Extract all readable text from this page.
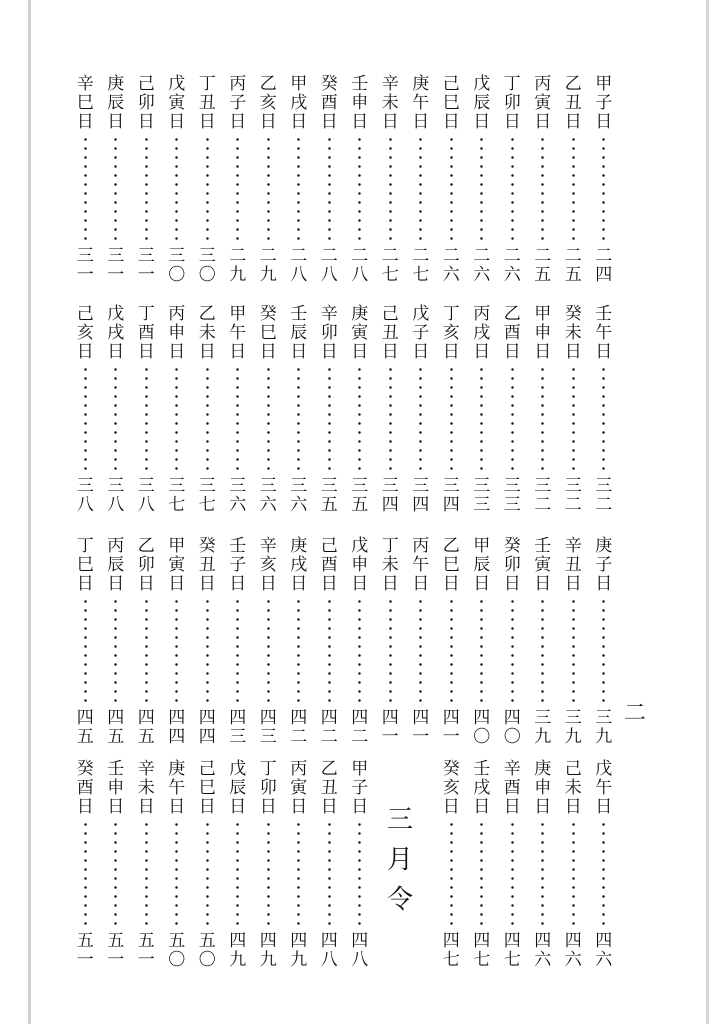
甲
子
日
二
四
乙
丑
日
二
五
丙
寅
日
二
五
丁
卯
日
二
六
戊
辰
日
二
六
己
巳
日
二
六
庚
午
日
二
七
辛
未
日
二
七
壬
申
日
二
八
癸
酉
日
二
八
甲
戌
日
二
八
乙
亥
日
二
九
丙
子
日
二
九
丁
丑
日
三
〇
戊
寅
日
三
〇
己
卯
日
三
一
庚
辰
日
三
一
辛
巳
日
三
一
壬
午
日
三
二
癸
未
日
三
二
甲
申
日
三
二
乙
酉
日
三
三
丙
戌
日
三
三
丁
亥
日
三
四
戊
子
日
三
四
己
丑
日
三
四
庚
寅
日
三
五
辛
卯
日
三
五
壬
辰
日
三
六
癸
巳
日
三
六
甲
午
日
三
六
乙
未
日
三
七
丙
申
日
三
七
丁
酉
日
三
八
戊
戌
日
三
八
己
亥
日
三
八
庚
子
日
三
九
辛
丑
日
三
九
壬
寅
日
三
九
癸
卯
日
四
〇
甲
辰
日
四
〇
乙
巳
日
四
一
丙
午
日
四
一
丁
未
日
四
一
戊
申
日
四
二
己
酉
日
四
二
庚
戌
日
四
二
辛
亥
日
四
三
壬
子
日
四
三
癸
丑
日
四
四
甲
寅
日
四
四
乙
卯
日
四
五
丙
辰
日
四
五
丁
巳
日
四
五
戊
午
日
四
六
己
未
日
四
六
庚
申
日
四
六
辛
酉
日
四
七
壬
戌
日
四
七
癸
亥
日
四
七
甲
子
日
四
八
乙
丑
日
四
八
丙
寅
日
四
九
丁
卯
日
四
九
戊
辰
日
四
九
己
巳
日
五
〇
庚
午
日
五
〇
辛
未
日
五
一
壬
申
日
五
一
癸
酉
日
五
一
三
月
令
二
